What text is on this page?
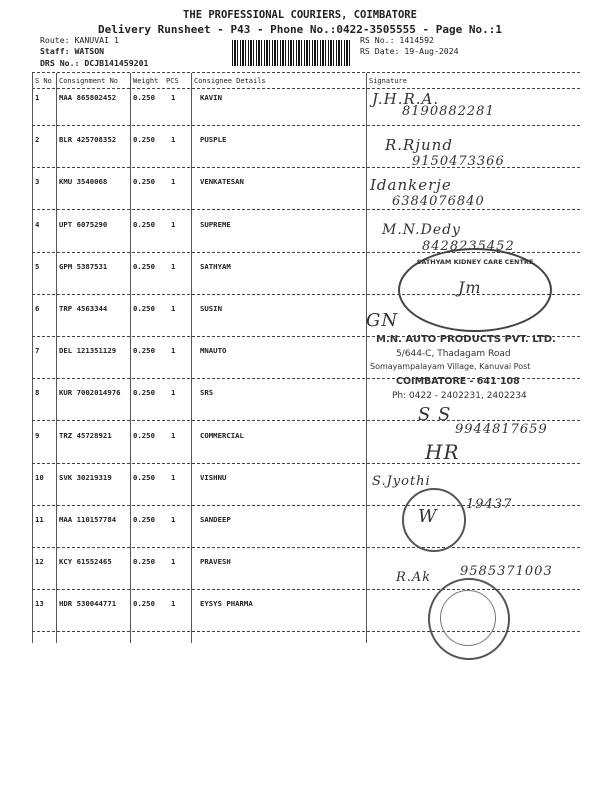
THE PROFESSIONAL COURIERS, COIMBATORE
Delivery Runsheet - P43 - Phone No.:0422-3505555 - Page No.:1
Route: KANUVAI 1
Staff: WATSON
DRS No.: DCJB141459201
RS No.: 1414592
RS Date: 19-Aug-2024
S No Consignment No Weight PCS Consignee Details	Signature
1	MAA 865802452 0.250 1	KAVIN
2	BLR 425708352 0.250 1	PUSPLE
3	KMU 3540068	0.250 1	VENKATESAN
4	UPT 6075290	0.250 1	SUPREME
5	GPM 5387531	0.250 1	SATHYAM
6	TRP 4563344	0.250 1	SUSIN
7	DEL 121351129 0.250 1	MNAUTO
8	KUR 7002014976 0.250 1	SRS
9	TRZ 45728921	0.250 1	COMMERCIAL
10 SVK 30219319	0.250 1	VISHNU
11 MAA 110157784 0.250 1	SANDEEP
12 KCY 61552465	0.250 1	PRAVESH
13 HDR 530044771 0.250 1	EYSYS PHARMA
J.H.R.A.
8190882281
R.Rjund
9150473366
Idankerje
6384076840
M.N.Dedy
8428235452
SATHYAM KIDNEY CARE CENTRE
Jm
GN
M.N. AUTO PRODUCTS PVT. LTD.
5/644-C, Thadagam Road
Somayampalayam Village, Kanuvai Post
COIMBATORE - 641 108
Ph: 0422 - 2402231, 2402234
S S
9944817659
HR
S.Jyothi
W
19437
R.Ak 9585371003
